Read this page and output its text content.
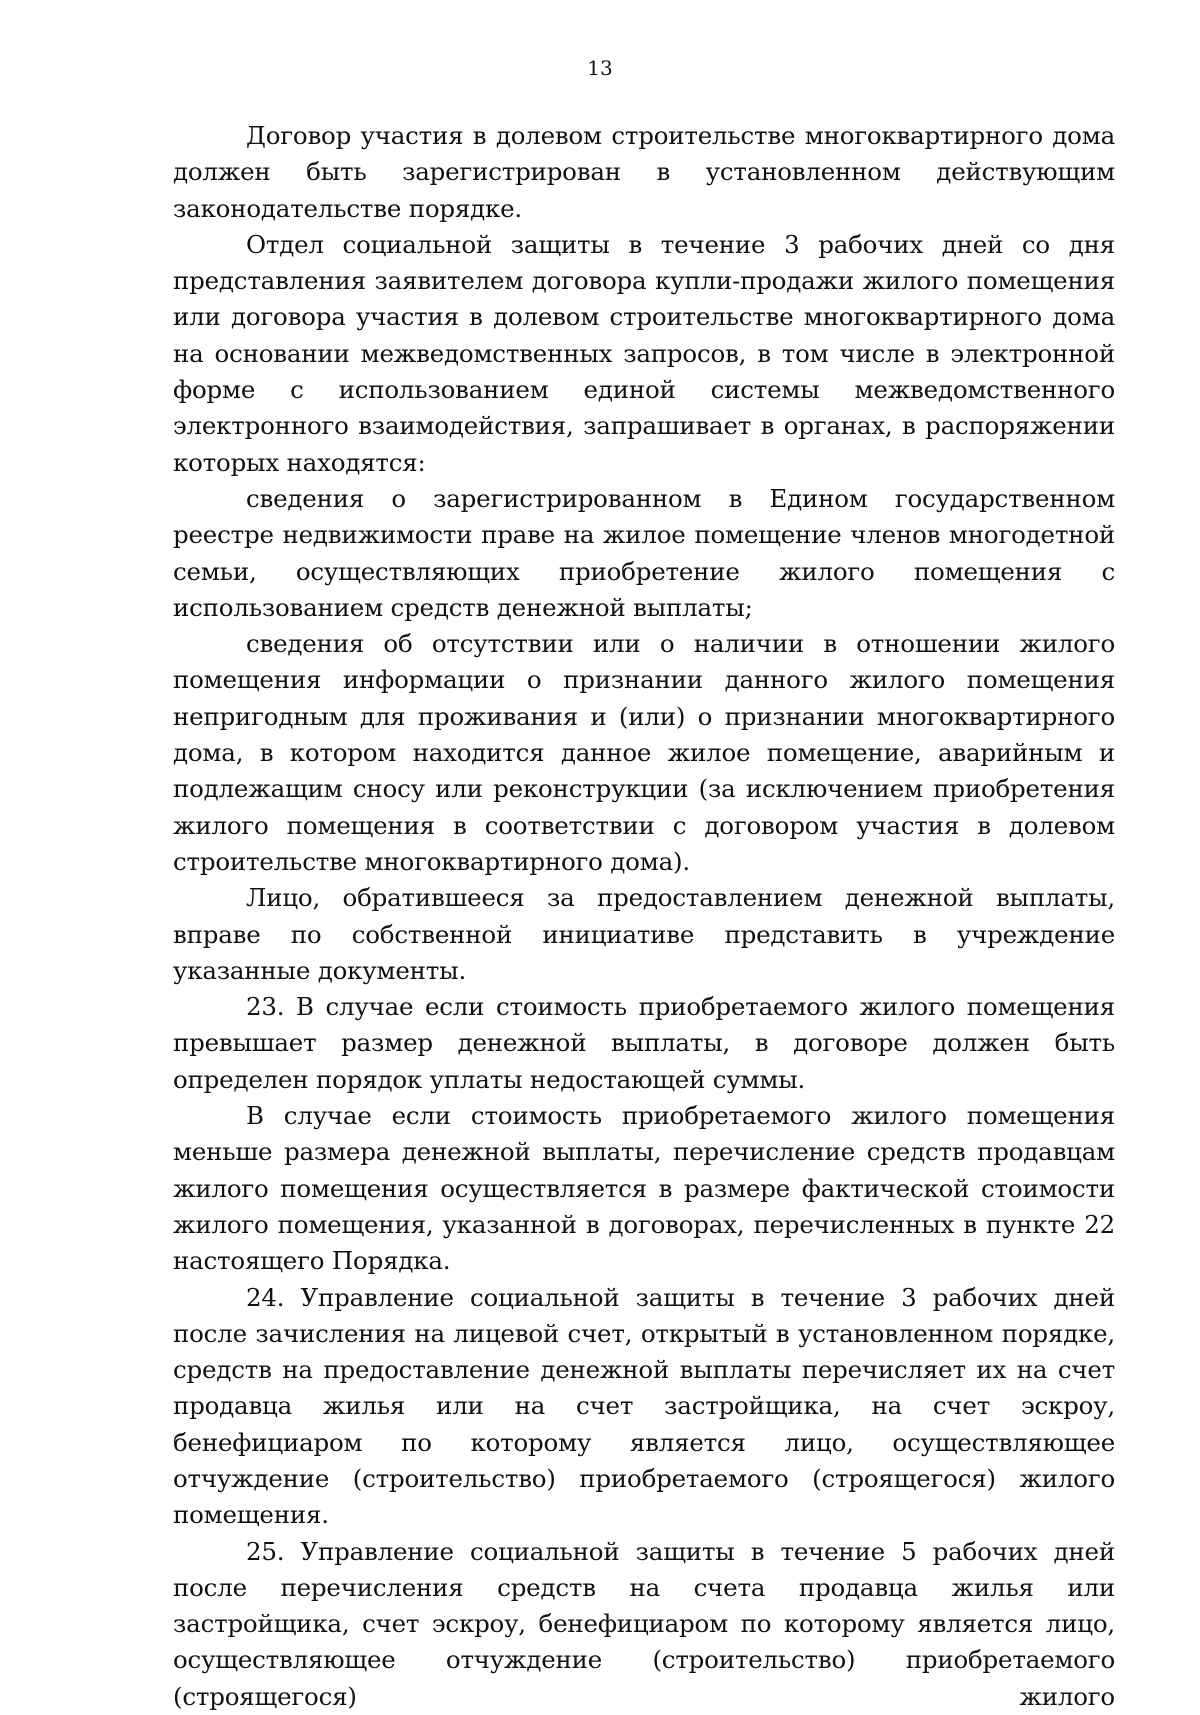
13

Договор участия в долевом строительстве многоквартирного дома должен быть зарегистрирован в установленном действующим законодательстве порядке.

Отдел социальной защиты в течение 3 рабочих дней со дня представления заявителем договора купли-продажи жилого помещения или договора участия в долевом строительстве многоквартирного дома на основании межведомственных запросов, в том числе в электронной форме с использованием единой системы межведомственного электронного взаимодействия, запрашивает в органах, в распоряжении которых находятся:

сведения о зарегистрированном в Едином государственном реестре недвижимости праве на жилое помещение членов многодетной семьи, осуществляющих приобретение жилого помещения с использованием средств денежной выплаты;

сведения об отсутствии или о наличии в отношении жилого помещения информации о признании данного жилого помещения непригодным для проживания и (или) о признании многоквартирного дома, в котором находится данное жилое помещение, аварийным и подлежащим сносу или реконструкции (за исключением приобретения жилого помещения в соответствии с договором участия в долевом строительстве многоквартирного дома).

Лицо, обратившееся за предоставлением денежной выплаты, вправе по собственной инициативе представить в учреждение указанные документы.

23. В случае если стоимость приобретаемого жилого помещения превышает размер денежной выплаты, в договоре должен быть определен порядок уплаты недостающей суммы.

В случае если стоимость приобретаемого жилого помещения меньше размера денежной выплаты, перечисление средств продавцам жилого помещения осуществляется в размере фактической стоимости жилого помещения, указанной в договорах, перечисленных в пункте 22 настоящего Порядка.

24. Управление социальной защиты в течение 3 рабочих дней после зачисления на лицевой счет, открытый в установленном порядке, средств на предоставление денежной выплаты перечисляет их на счет продавца жилья или на счет застройщика, на счет эскроу, бенефициаром по которому является лицо, осуществляющее отчуждение (строительство) приобретаемого (строящегося) жилого помещения.

25. Управление социальной защиты в течение 5 рабочих дней после перечисления средств на счета продавца жилья или застройщика, счет эскроу, бенефициаром по которому является лицо, осуществляющее отчуждение (строительство) приобретаемого (строящегося) жилого
